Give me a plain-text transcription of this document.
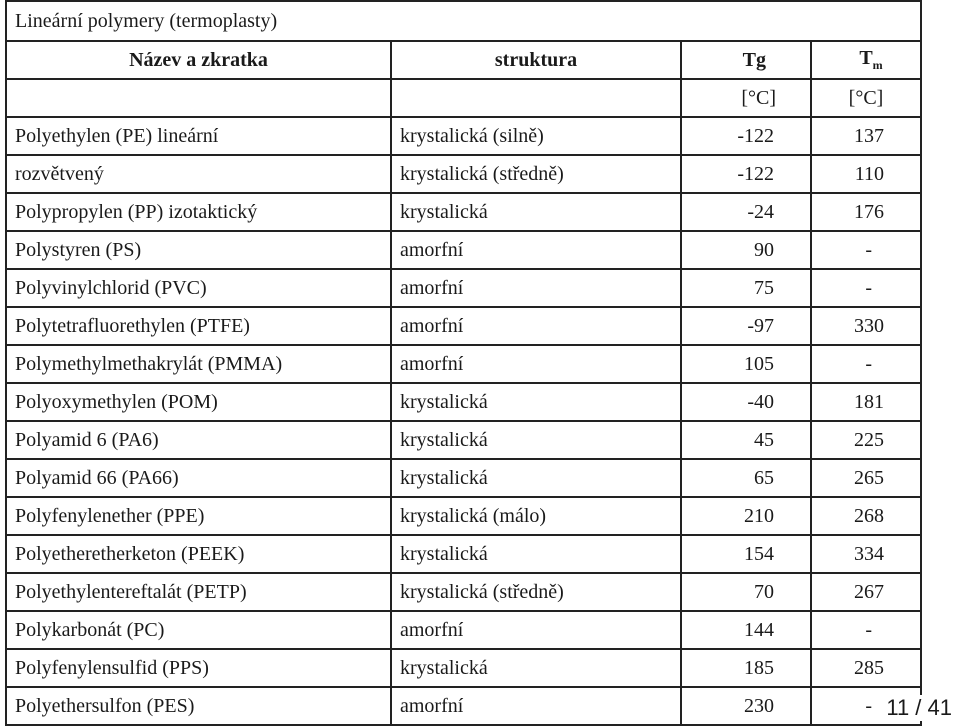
Lineární polymery (termoplasty)			
Název a zkratka	struktura	Tg	$T_m$
		[°C]	[°C]
Polyethylen (PE) lineární	krystalická (silně)	-122	137
rozvětvený	krystalická (středně)	-122	110
Polypropylen (PP) izotaktický	krystalická	-24	176
Polystyren (PS)	amorfní	90	-
Polyvinylchlorid (PVC)	amorfní	75	-
Polytetrafluorethylen (PTFE)	amorfní	-97	330
Polymethylmethakrylát (PMMA)	amorfní	105	-
Polyoxymethylen (POM)	krystalická	-40	181
Polyamid 6 (PA6)	krystalická	45	225
Polyamid 66 (PA66)	krystalická	65	265
Polyfenylenether (PPE)	krystalická (málo)	210	268
Polyetheretherketon (PEEK)	krystalická	154	334
Polyethylentereftalát (PETP)	krystalická (středně)	70	267
Polykarbonát (PC)	amorfní	144	-
Polyfenylensulfid (PPS)	krystalická	185	285
Polyethersulfon (PES)	amorfní	230	- 11 / 41
